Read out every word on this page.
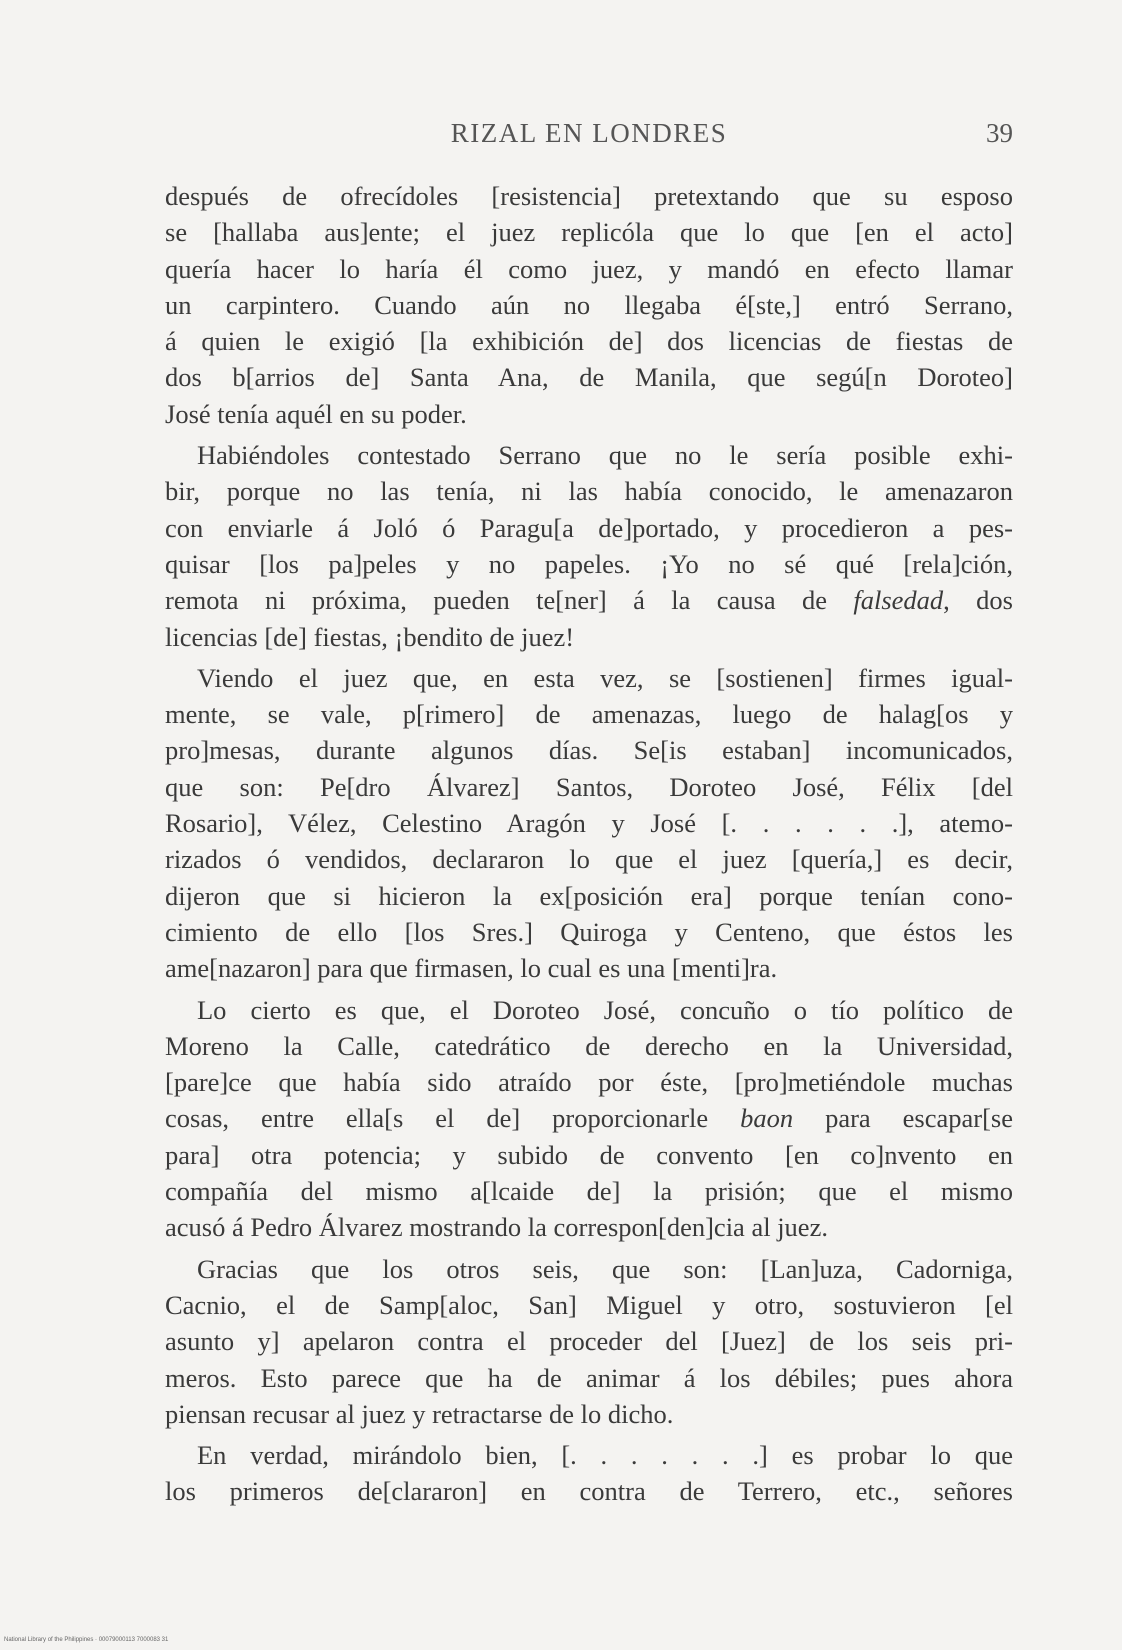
RIZAL EN LONDRES	39
después de ofrecídoles [resistencia] pretextando que su esposo
se [hallaba aus]ente; el juez replicóla que lo que [en el acto]
quería hacer lo haría él como juez, y mandó en efecto llamar
un carpintero. Cuando aún no llegaba é[ste,] entró Serrano,
á quien le exigió [la exhibición de] dos licencias de fiestas de
dos b[arrios de] Santa Ana, de Manila, que segú[n Doroteo]
José tenía aquél en su poder.
Habiéndoles contestado Serrano que no le sería posible exhi-
bir, porque no las tenía, ni las había conocido, le amenazaron
con enviarle á Joló ó Paragu[a de]portado, y procedieron a pes-
quisar [los pa]peles y no papeles. ¡Yo no sé qué [rela]ción,
remota ni próxima, pueden te[ner] á la causa de falsedad, dos
licencias [de] fiestas, ¡bendito de juez!
Viendo el juez que, en esta vez, se [sostienen] firmes igual-
mente, se vale, p[rimero] de amenazas, luego de halag[os y
pro]mesas, durante algunos días. Se[is estaban] incomunicados,
que son: Pe[dro Álvarez] Santos, Doroteo José, Félix [del
Rosario], Vélez, Celestino Aragón y José [. . . . . .], atemo-
rizados ó vendidos, declararon lo que el juez [quería,] es decir,
dijeron que si hicieron la ex[posición era] porque tenían cono-
cimiento de ello [los Sres.] Quiroga y Centeno, que éstos les
ame[nazaron] para que firmasen, lo cual es una [menti]ra.
Lo cierto es que, el Doroteo José, concuño o tío político de
Moreno la Calle, catedrático de derecho en la Universidad,
[pare]ce que había sido atraído por éste, [pro]metiéndole muchas
cosas, entre ella[s el de] proporcionarle baon para escapar[se
para] otra potencia; y subido de convento [en co]nvento en
compañía del mismo a[lcaide de] la prisión; que el mismo
acusó á Pedro Álvarez mostrando la correspon[den]cia al juez.
Gracias que los otros seis, que son: [Lan]uza, Cadorniga,
Cacnio, el de Samp[aloc, San] Miguel y otro, sostuvieron [el
asunto y] apelaron contra el proceder del [Juez] de los seis pri-
meros. Esto parece que ha de animar á los débiles; pues ahora
piensan recusar al juez y retractarse de lo dicho.
En verdad, mirándolo bien, [. . . . . . .] es probar lo que
los primeros de[clararon] en contra de Terrero, etc., señores
National Library of the Philippines · 00079000113 7000083 31
